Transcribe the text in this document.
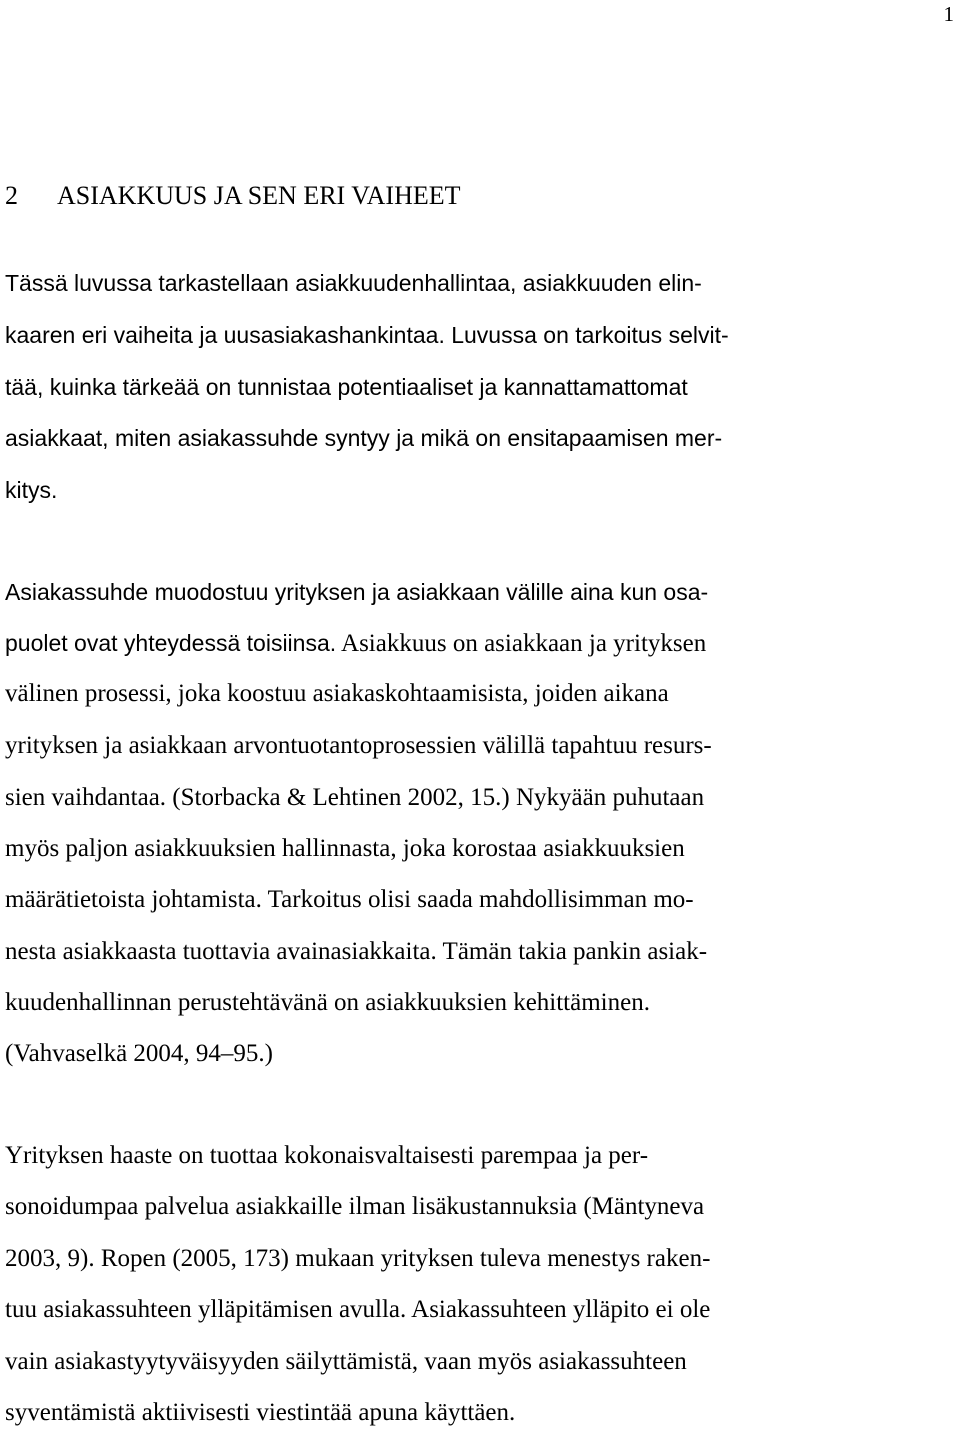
1
2 ASIAKKUUS JA SEN ERI VAIHEET

Tässä luvussa tarkastellaan asiakkuudenhallintaa, asiakkuuden elin-

kaaren eri vaiheita ja uusasiakashankintaa. Luvussa on tarkoitus selvit-

tää, kuinka tärkeää on tunnistaa potentiaaliset ja kannattamattomat

asiakkaat, miten asiakassuhde syntyy ja mikä on ensitapaamisen mer-

kitys.

Asiakassuhde muodostuu yrityksen ja asiakkaan välille aina kun osa-

puolet ovat yhteydessä toisiinsa. Asiakkuus on asiakkaan ja yrityksen

välinen prosessi, joka koostuu asiakaskohtaamisista, joiden aikana

yrityksen ja asiakkaan arvontuotantoprosessien välillä tapahtuu resurs-

sien vaihdantaa. (Storbacka & Lehtinen 2002, 15.) Nykyään puhutaan

myös paljon asiakkuuksien hallinnasta, joka korostaa asiakkuuksien

määrätietoista johtamista. Tarkoitus olisi saada mahdollisimman mo-

nesta asiakkaasta tuottavia avainasiakkaita. Tämän takia pankin asiak-

kuudenhallinnan perustehtävänä on asiakkuuksien kehittäminen.

(Vahvaselkä 2004, 94–95.)

Yrityksen haaste on tuottaa kokonaisvaltaisesti parempaa ja per-

sonoidumpaa palvelua asiakkaille ilman lisäkustannuksia (Mäntyneva

2003, 9). Ropen (2005, 173) mukaan yrityksen tuleva menestys raken-

tuu asiakassuhteen ylläpitämisen avulla. Asiakassuhteen ylläpito ei ole

vain asiakastyytyväisyyden säilyttämistä, vaan myös asiakassuhteen

syventämistä aktiivisesti viestintää apuna käyttäen.
